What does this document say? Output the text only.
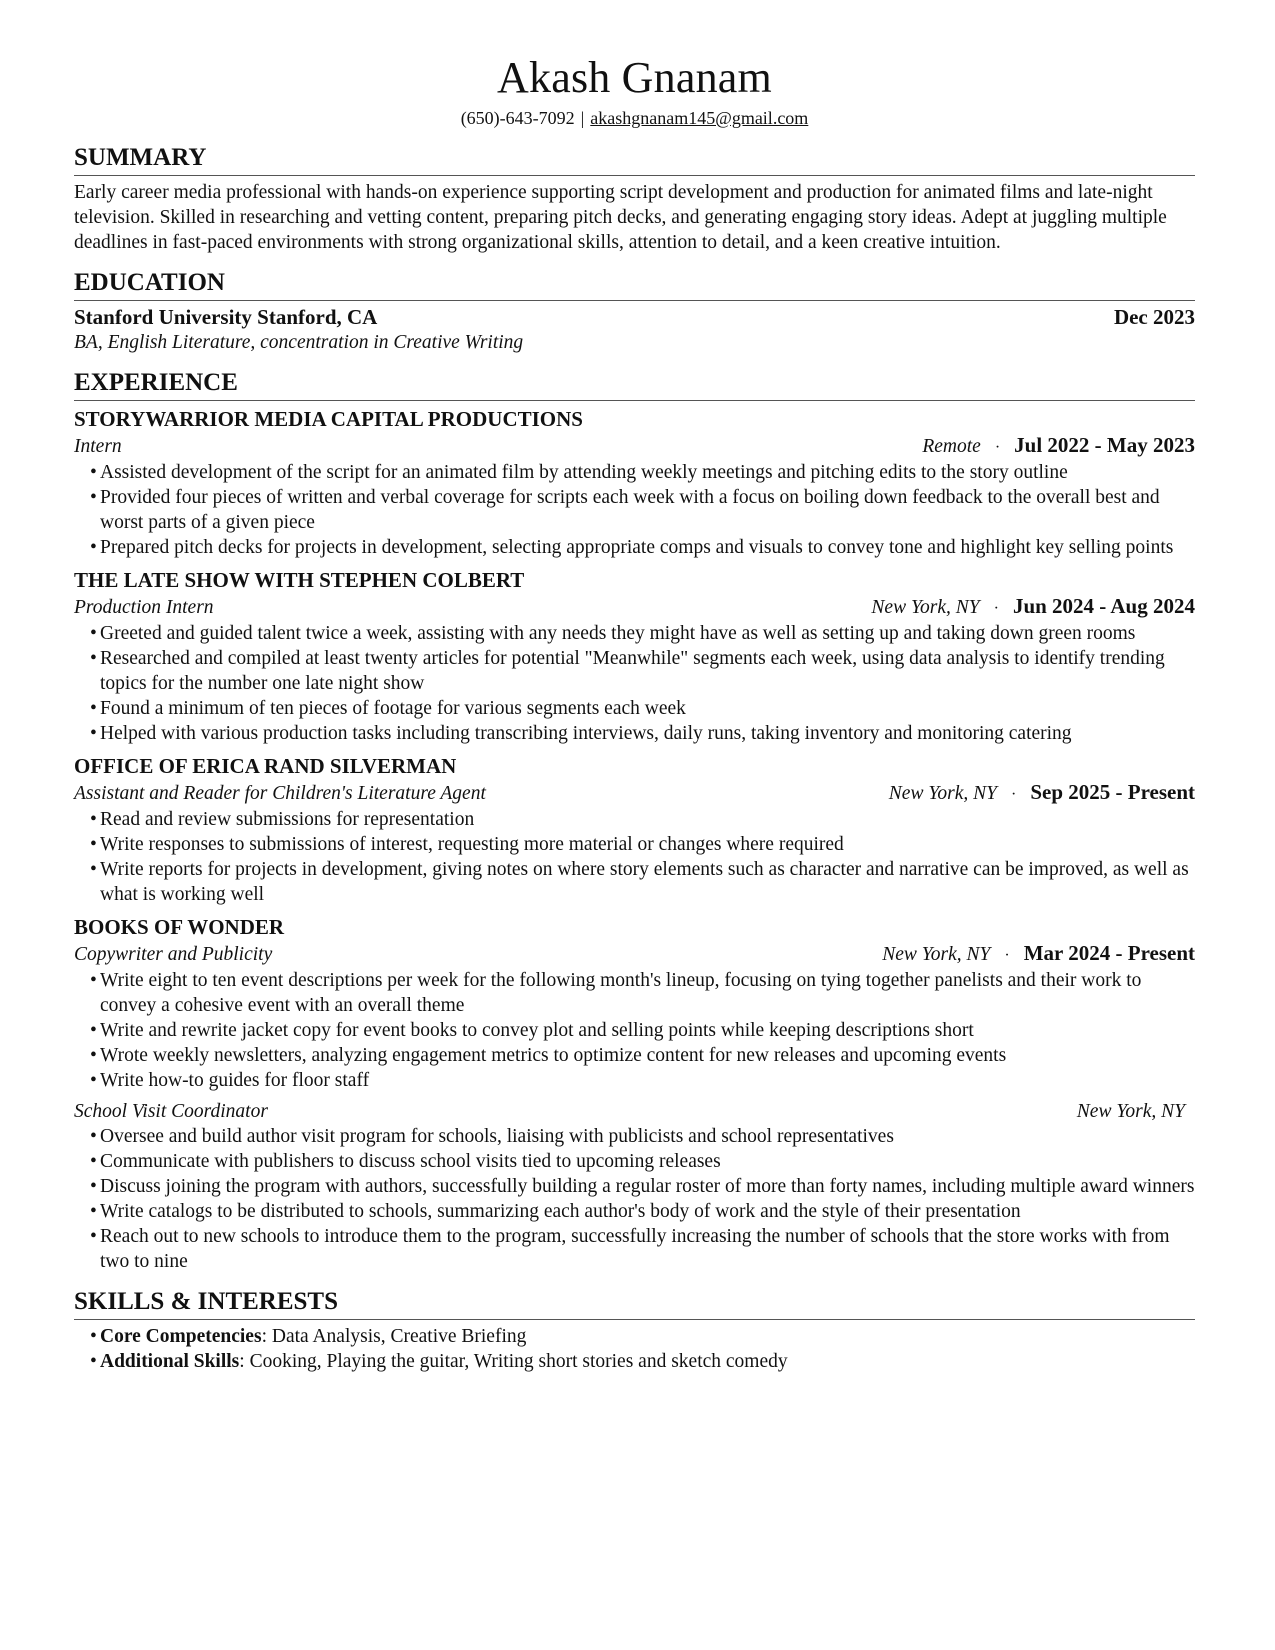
Akash Gnanam
(650)-643-7092 | akashgnanam145@gmail.com
SUMMARY
Early career media professional with hands-on experience supporting script development and production for animated films and late-night television. Skilled in researching and vetting content, preparing pitch decks, and generating engaging story ideas. Adept at juggling multiple deadlines in fast-paced environments with strong organizational skills, attention to detail, and a keen creative intuition.
EDUCATION
Stanford University Stanford, CA	Dec 2023
BA, English Literature, concentration in Creative Writing
EXPERIENCE
STORYWARRIOR MEDIA CAPITAL PRODUCTIONS
Intern	Remote · Jul 2022 - May 2023
• Assisted development of the script for an animated film by attending weekly meetings and pitching edits to the story outline
• Provided four pieces of written and verbal coverage for scripts each week with a focus on boiling down feedback to the overall best and worst parts of a given piece
• Prepared pitch decks for projects in development, selecting appropriate comps and visuals to convey tone and highlight key selling points
THE LATE SHOW WITH STEPHEN COLBERT
Production Intern	New York, NY · Jun 2024 - Aug 2024
• Greeted and guided talent twice a week, assisting with any needs they might have as well as setting up and taking down green rooms
• Researched and compiled at least twenty articles for potential "Meanwhile" segments each week, using data analysis to identify trending topics for the number one late night show
• Found a minimum of ten pieces of footage for various segments each week
• Helped with various production tasks including transcribing interviews, daily runs, taking inventory and monitoring catering
OFFICE OF ERICA RAND SILVERMAN
Assistant and Reader for Children's Literature Agent	New York, NY · Sep 2025 - Present
• Read and review submissions for representation
• Write responses to submissions of interest, requesting more material or changes where required
• Write reports for projects in development, giving notes on where story elements such as character and narrative can be improved, as well as what is working well
BOOKS OF WONDER
Copywriter and Publicity	New York, NY · Mar 2024 - Present
• Write eight to ten event descriptions per week for the following month's lineup, focusing on tying together panelists and their work to convey a cohesive event with an overall theme
• Write and rewrite jacket copy for event books to convey plot and selling points while keeping descriptions short
• Wrote weekly newsletters, analyzing engagement metrics to optimize content for new releases and upcoming events
• Write how-to guides for floor staff
School Visit Coordinator	New York, NY
• Oversee and build author visit program for schools, liaising with publicists and school representatives
• Communicate with publishers to discuss school visits tied to upcoming releases
• Discuss joining the program with authors, successfully building a regular roster of more than forty names, including multiple award winners
• Write catalogs to be distributed to schools, summarizing each author's body of work and the style of their presentation
• Reach out to new schools to introduce them to the program, successfully increasing the number of schools that the store works with from two to nine
SKILLS & INTERESTS
• Core Competencies: Data Analysis, Creative Briefing
• Additional Skills: Cooking, Playing the guitar, Writing short stories and sketch comedy
